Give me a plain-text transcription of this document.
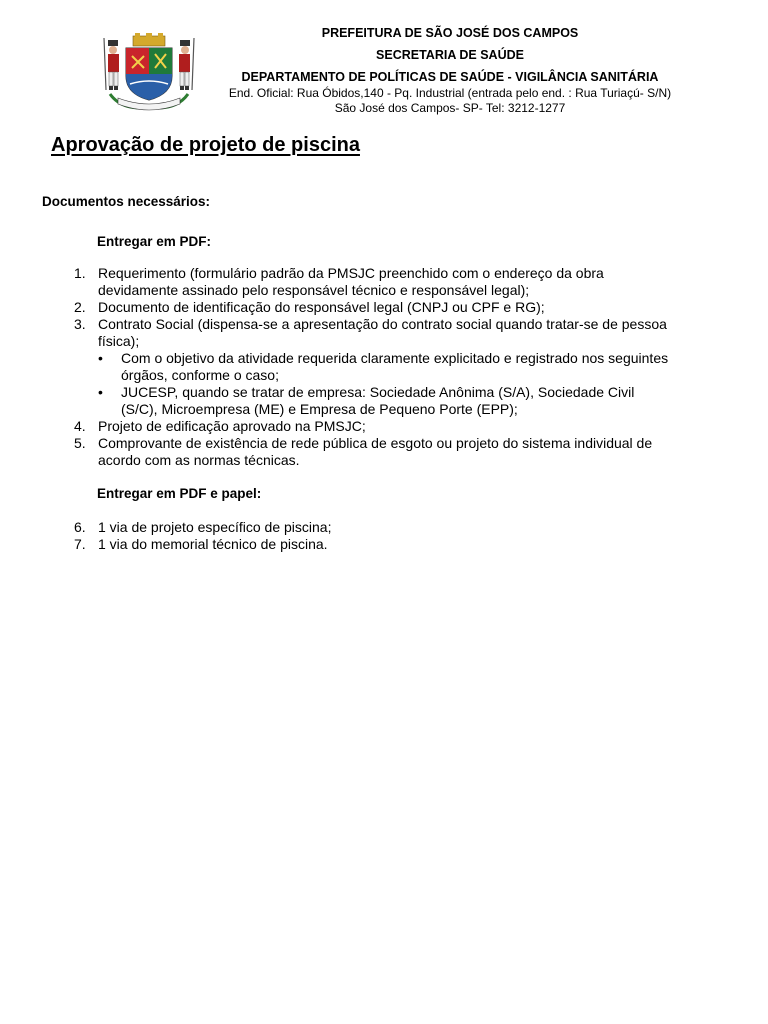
PREFEITURA DE SÃO JOSÉ DOS CAMPOS
SECRETARIA DE SAÚDE
DEPARTAMENTO DE POLÍTICAS DE SAÚDE - VIGILÂNCIA SANITÁRIA
End. Oficial: Rua Óbidos,140 - Pq. Industrial (entrada pelo end. : Rua Turiaçú- S/N)
São José dos Campos- SP- Tel: 3212-1277
Aprovação de projeto de piscina
Documentos necessários:
Entregar em PDF:
1. Requerimento (formulário padrão da PMSJC preenchido com o endereço da obra
devidamente assinado pelo responsável técnico e responsável legal);
2. Documento de identificação do responsável legal (CNPJ ou CPF e RG);
3. Contrato Social (dispensa-se a apresentação do contrato social quando tratar-se de pessoa
física);
• Com o objetivo da atividade requerida claramente explicitado e registrado nos seguintes
órgãos, conforme o caso;
• JUCESP, quando se tratar de empresa: Sociedade Anônima (S/A), Sociedade Civil
(S/C), Microempresa (ME) e Empresa de Pequeno Porte (EPP);
4. Projeto de edificação aprovado na PMSJC;
5. Comprovante de existência de rede pública de esgoto ou projeto do sistema individual de
acordo com as normas técnicas.
Entregar em PDF e papel:
6. 1 via de projeto específico de piscina;
7. 1 via do memorial técnico de piscina.
